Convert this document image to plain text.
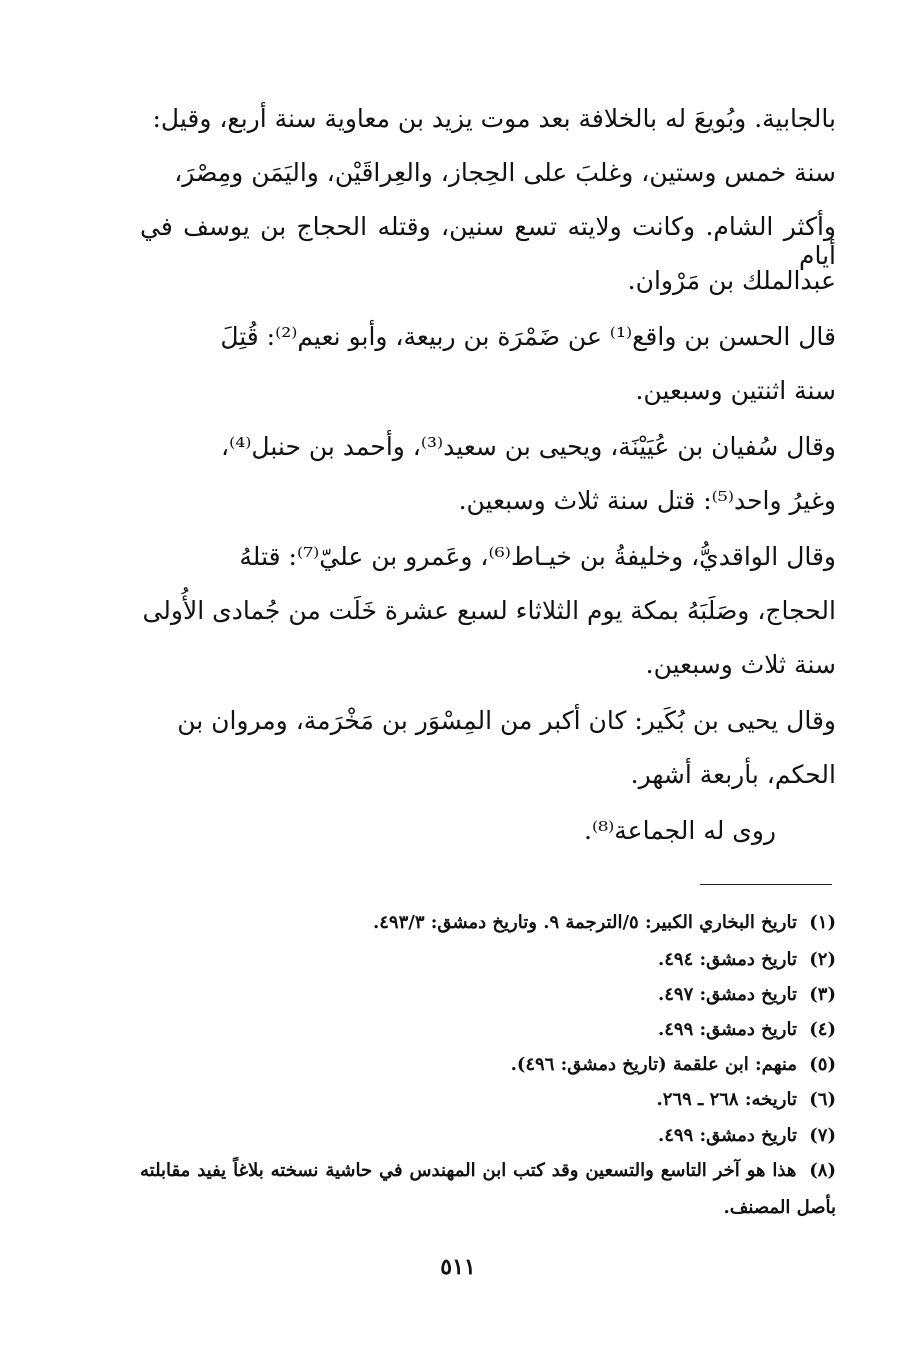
بالجابية. وبُويعَ له بالخلافة بعد موت يزيد بن معاوية سنة أربع، وقيل:
سنة خمس وستين، وغلبَ على الحِجاز، والعِراقَيْن، واليَمَن ومِصْرَ،
وأكثر الشام. وكانت ولايته تسع سنين، وقتله الحجاج بن يوسف في أيام
عبدالملك بن مَرْوان.
قال الحسن بن واقع⁽¹⁾ عن ضَمْرَة بن ربيعة، وأبو نعيم⁽²⁾: قُتِلَ
سنة اثنتين وسبعين.
وقال سُفيان بن عُيَيْنَة، ويحيى بن سعيد⁽³⁾، وأحمد بن حنبل⁽⁴⁾،
وغيرُ واحد⁽⁵⁾: قتل سنة ثلاث وسبعين.
وقال الواقديُّ، وخليفةُ بن خيـاط⁽⁶⁾، وعَمرو بن عليّ⁽⁷⁾: قتلهُ
الحجاج، وصَلَبَهُ بمكة يوم الثلاثاء لسبع عشرة خَلَت من جُمادى الأُولى
سنة ثلاث وسبعين.
وقال يحيى بن بُكَير: كان أكبر من المِسْوَر بن مَخْرَمة، ومروان بن
الحكم، بأربعة أشهر.
روى له الجماعة⁽⁸⁾.
(١) تاريخ البخاري الكبير: ٥/الترجمة ٩. وتاريخ دمشق: ٤٩٣/٣.
(٢) تاريخ دمشق: ٤٩٤.
(٣) تاريخ دمشق: ٤٩٧.
(٤) تاريخ دمشق: ٤٩٩.
(٥) منهم: ابن علقمة (تاريخ دمشق: ٤٩٦).
(٦) تاريخه: ٢٦٨ ـ ٢٦٩.
(٧) تاريخ دمشق: ٤٩٩.
(٨) هذا هو آخر التاسع والتسعين وقد كتب ابن المهندس في حاشية نسخته بلاغاً يفيد مقابلته بأصل المصنف.
٥١١
